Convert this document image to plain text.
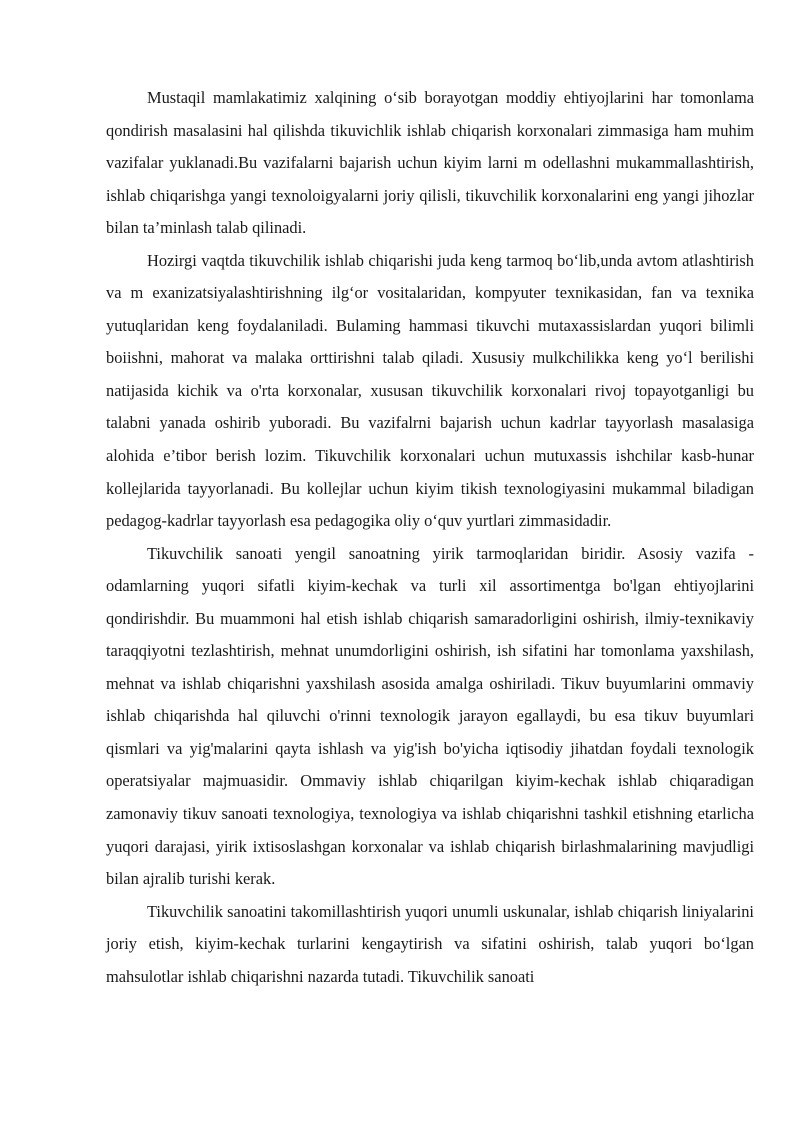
Mustaqil mamlakatimiz xalqining o‘sib borayotgan moddiy ehtiyojlarini har tomonlama qondirish masalasini hal qilishda tikuvichlik ishlab chiqarish korxonalari zimmasiga ham muhim vazifalar yuklanadi.Bu vazifalarni bajarish uchun kiyim larni m odellashni mukammallashtirish, ishlab chiqarishga yangi texnoloigyalarni joriy qilisli, tikuvchilik korxonalarini eng yangi jihozlar bilan ta’minlash talab qilinadi.

Hozirgi vaqtda tikuvchilik ishlab chiqarishi juda keng tarmoq bo‘lib,unda avtom atlashtirish va m exanizatsiyalashtirishning ilg‘or vositalaridan, kompyuter texnikasidan, fan va texnika yutuqlaridan keng foydalaniladi. Bulaming hammasi tikuvchi mutaxassislardan yuqori bilimli boiishni, mahorat va malaka orttirishni talab qiladi. Xususiy mulkchilikka keng yo‘l berilishi natijasida kichik va o'rta korxonalar, xususan tikuvchilik korxonalari rivoj topayotganligi bu talabni yanada oshirib yuboradi. Bu vazifalrni bajarish uchun kadrlar tayyorlash masalasiga alohida e’tibor berish lozim. Tikuvchilik korxonalari uchun mutuxassis ishchilar kasb-hunar kollejlarida tayyorlanadi. Bu kollejlar uchun kiyim tikish texnologiyasini mukammal biladigan pedagog-kadrlar tayyorlash esa pedagogika oliy o‘quv yurtlari zimmasidadir.

Tikuvchilik sanoati yengil sanoatning yirik tarmoqlaridan biridir. Asosiy vazifa - odamlarning yuqori sifatli kiyim-kechak va turli xil assortimentga bo'lgan ehtiyojlarini qondirishdir. Bu muammoni hal etish ishlab chiqarish samaradorligini oshirish, ilmiy-texnikaviy taraqqiyotni tezlashtirish, mehnat unumdorligini oshirish, ish sifatini har tomonlama yaxshilash, mehnat va ishlab chiqarishni yaxshilash asosida amalga oshiriladi. Tikuv buyumlarini ommaviy ishlab chiqarishda hal qiluvchi o'rinni texnologik jarayon egallaydi, bu esa tikuv buyumlari qismlari va yig'malarini qayta ishlash va yig'ish bo'yicha iqtisodiy jihatdan foydali texnologik operatsiyalar majmuasidir. Ommaviy ishlab chiqarilgan kiyim-kechak ishlab chiqaradigan zamonaviy tikuv sanoati texnologiya, texnologiya va ishlab chiqarishni tashkil etishning etarlicha yuqori darajasi, yirik ixtisoslashgan korxonalar va ishlab chiqarish birlashmalarining mavjudligi bilan ajralib turishi kerak.

Tikuvchilik sanoatini takomillashtirish yuqori unumli uskunalar, ishlab chiqarish liniyalarini joriy etish, kiyim-kechak turlarini kengaytirish va sifatini oshirish, talab yuqori bo‘lgan mahsulotlar ishlab chiqarishni nazarda tutadi. Tikuvchilik sanoati
